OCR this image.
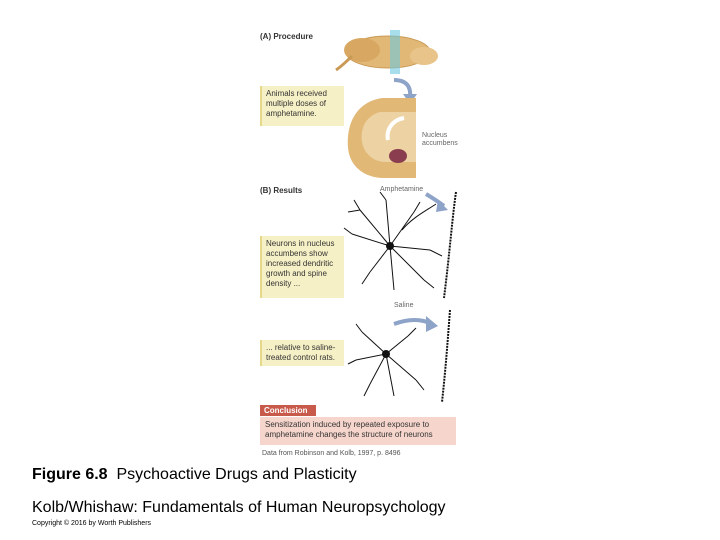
(A) Procedure
Animals received multiple doses of amphetamine.
Nucleus accumbens
(B) Results	Amphetamine
Neurons in nucleus accumbens show increased dendritic growth and spine density ...
Saline
... relative to saline-treated control rats.
Conclusion
Sensitization induced by repeated exposure to amphetamine changes the structure of neurons
Data from Robinson and Kolb, 1997, p. 8496
Figure 6.8 Psychoactive Drugs and Plasticity
Kolb/Whishaw: Fundamentals of Human Neuropsychology
Copyright © 2016 by Worth Publishers
